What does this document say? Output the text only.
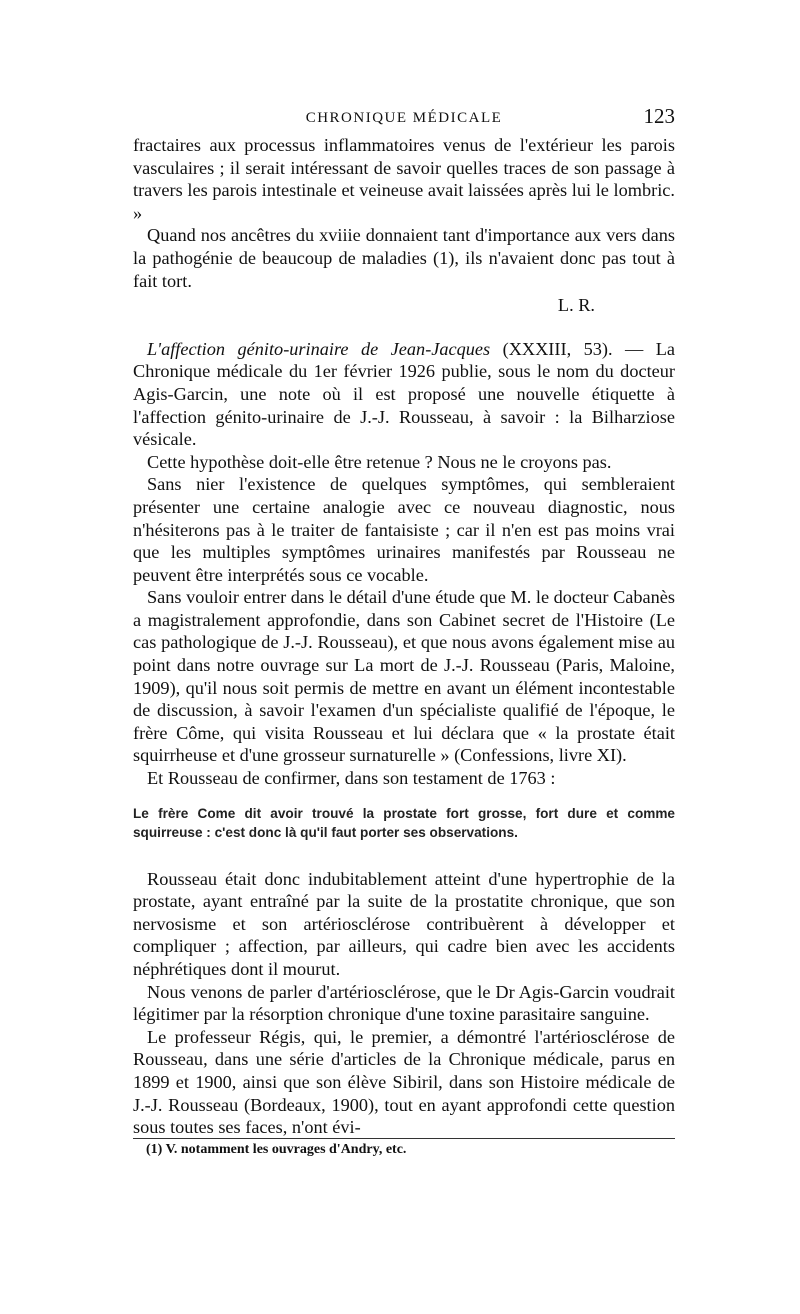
CHRONIQUE MÉDICALE	123

fractaires aux processus inflammatoires venus de l'extérieur les parois vasculaires ; il serait intéressant de savoir quelles traces de son passage à travers les parois intestinale et veineuse avait laissées après lui le lombric. »

Quand nos ancêtres du xviiie donnaient tant d'importance aux vers dans la pathogénie de beaucoup de maladies (1), ils n'avaient donc pas tout à fait tort.

L. R.

L'affection génito-urinaire de Jean-Jacques (XXXIII, 53). — La Chronique médicale du 1er février 1926 publie, sous le nom du docteur Agis-Garcin, une note où il est proposé une nouvelle étiquette à l'affection génito-urinaire de J.-J. Rousseau, à savoir : la Bilharziose vésicale.

Cette hypothèse doit-elle être retenue ? Nous ne le croyons pas.

Sans nier l'existence de quelques symptômes, qui sembleraient présenter une certaine analogie avec ce nouveau diagnostic, nous n'hésiterons pas à le traiter de fantaisiste ; car il n'en est pas moins vrai que les multiples symptômes urinaires manifestés par Rousseau ne peuvent être interprétés sous ce vocable.

Sans vouloir entrer dans le détail d'une étude que M. le docteur Cabanès a magistralement approfondie, dans son Cabinet secret de l'Histoire (Le cas pathologique de J.-J. Rousseau), et que nous avons également mise au point dans notre ouvrage sur La mort de J.-J. Rousseau (Paris, Maloine, 1909), qu'il nous soit permis de mettre en avant un élément incontestable de discussion, à savoir l'examen d'un spécialiste qualifié de l'époque, le frère Côme, qui visita Rousseau et lui déclara que « la prostate était squirrheuse et d'une grosseur surnaturelle » (Confessions, livre XI).

Et Rousseau de confirmer, dans son testament de 1763 :

Le frère Come dit avoir trouvé la prostate fort grosse, fort dure et comme squirreuse : c'est donc là qu'il faut porter ses observations.

Rousseau était donc indubitablement atteint d'une hypertrophie de la prostate, ayant entraîné par la suite de la prostatite chronique, que son nervosisme et son artériosclérose contribuèrent à développer et compliquer ; affection, par ailleurs, qui cadre bien avec les accidents néphrétiques dont il mourut.

Nous venons de parler d'artériosclérose, que le Dr Agis-Garcin voudrait légitimer par la résorption chronique d'une toxine parasitaire sanguine.

Le professeur Régis, qui, le premier, a démontré l'artériosclérose de Rousseau, dans une série d'articles de la Chronique médicale, parus en 1899 et 1900, ainsi que son élève Sibiril, dans son Histoire médicale de J.-J. Rousseau (Bordeaux, 1900), tout en ayant approfondi cette question sous toutes ses faces, n'ont évi-

(1) V. notamment les ouvrages d'Andry, etc.
